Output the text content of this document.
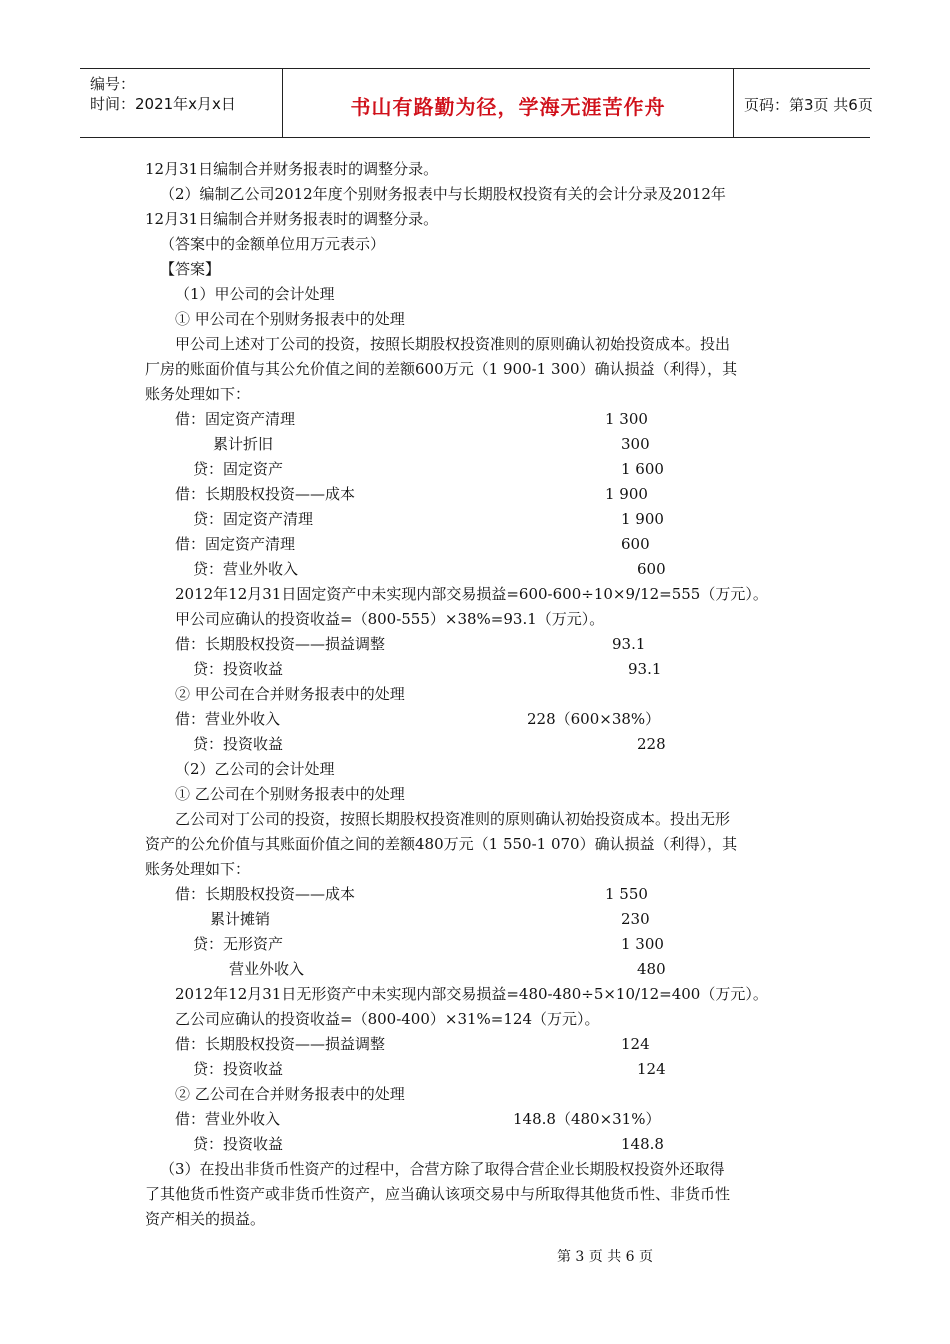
编号：
时间：2021年x月x日	书山有路勤为径，学海无涯苦作舟	页码：第3页 共6页
12月31日编制合并财务报表时的调整分录。
（2）编制乙公司2012年度个别财务报表中与长期股权投资有关的会计分录及2012年
12月31日编制合并财务报表时的调整分录。
（答案中的金额单位用万元表示）
【答案】
（1）甲公司的会计处理
① 甲公司在个别财务报表中的处理
甲公司上述对丁公司的投资，按照长期股权投资准则的原则确认初始投资成本。投出
厂房的账面价值与其公允价值之间的差额600万元（1 900-1 300）确认损益（利得），其
账务处理如下：
借：固定资产清理	1 300
累计折旧	300
贷：固定资产	1 600
借：长期股权投资——成本	1 900
贷：固定资产清理	1 900
借：固定资产清理	600
贷：营业外收入	600
2012年12月31日固定资产中未实现内部交易损益=600-600÷10×9/12=555（万元）。
甲公司应确认的投资收益=（800-555）×38%=93.1（万元）。
借：长期股权投资——损益调整	93.1
贷：投资收益	93.1
② 甲公司在合并财务报表中的处理
借：营业外收入	228（600×38%）
贷：投资收益	228
（2）乙公司的会计处理
① 乙公司在个别财务报表中的处理
乙公司对丁公司的投资，按照长期股权投资准则的原则确认初始投资成本。投出无形
资产的公允价值与其账面价值之间的差额480万元（1 550-1 070）确认损益（利得），其
账务处理如下：
借：长期股权投资——成本	1 550
累计摊销	230
贷：无形资产	1 300
营业外收入	480
2012年12月31日无形资产中未实现内部交易损益=480-480÷5×10/12=400（万元）。
乙公司应确认的投资收益=（800-400）×31%=124（万元）。
借：长期股权投资——损益调整	124
贷：投资收益	124
② 乙公司在合并财务报表中的处理
借：营业外收入	148.8（480×31%）
贷：投资收益	148.8
（3）在投出非货币性资产的过程中，合营方除了取得合营企业长期股权投资外还取得
了其他货币性资产或非货币性资产，应当确认该项交易中与所取得其他货币性、非货币性
资产相关的损益。
第 3 页 共 6 页
